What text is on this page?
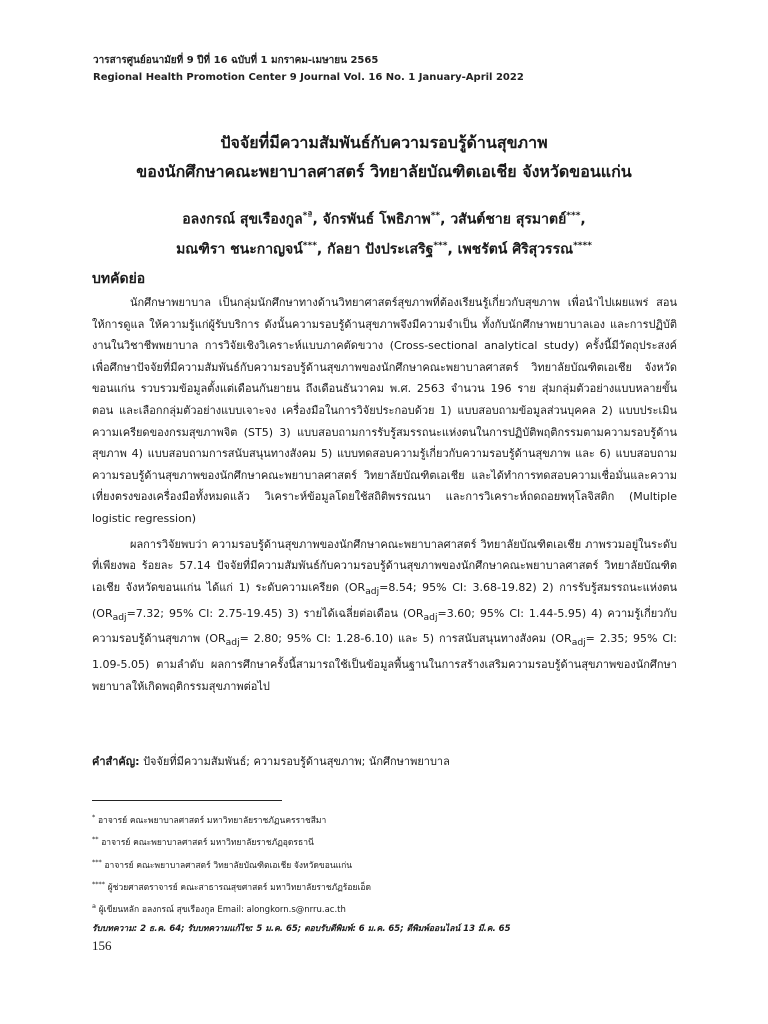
วารสารศูนย์อนามัยที่ 9 ปีที่ 16 ฉบับที่ 1 มกราคม-เมษายน 2565
Regional Health Promotion Center 9 Journal Vol. 16 No. 1 January-April 2022
ปัจจัยที่มีความสัมพันธ์กับความรอบรู้ด้านสุขภาพ
ของนักศึกษาคณะพยาบาลศาสตร์ วิทยาลัยบัณฑิตเอเชีย จังหวัดขอนแก่น
อลงกรณ์ สุขเรืองกูล$^{*ª}$, จักรพันธ์ โพธิภาพ**, วสันต์ชาย สุรมาตย์***,
มณฑิรา ชนะกาญจน์***, กัลยา ปังประเสริฐ***, เพชรัตน์ ศิริสุวรรณ****
บทคัดย่อ

นักศึกษาพยาบาล เป็นกลุ่มนักศึกษาทางด้านวิทยาศาสตร์สุขภาพที่ต้องเรียนรู้เกี่ยวกับสุขภาพ เพื่อนำไปเผยแพร่ สอน ให้การดูแล ให้ความรู้แก่ผู้รับบริการ ดังนั้นความรอบรู้ด้านสุขภาพจึงมีความจำเป็น ทั้งกับนักศึกษาพยาบาลเอง และการปฏิบัติงานในวิชาชีพพยาบาล การวิจัยเชิงวิเคราะห์แบบภาคตัดขวาง (Cross-sectional analytical study) ครั้งนี้มีวัตถุประสงค์เพื่อศึกษาปัจจัยที่มีความสัมพันธ์กับความรอบรู้ด้านสุขภาพของนักศึกษาคณะพยาบาลศาสตร์ วิทยาลัยบัณฑิตเอเชีย จังหวัดขอนแก่น รวบรวมข้อมูลตั้งแต่เดือนกันยายน ถึงเดือนธันวาคม พ.ศ. 2563 จำนวน 196 ราย สุ่มกลุ่มตัวอย่างแบบหลายขั้นตอน และเลือกกลุ่มตัวอย่างแบบเจาะจง เครื่องมือในการวิจัยประกอบด้วย 1) แบบสอบถามข้อมูลส่วนบุคคล 2) แบบประเมินความเครียดของกรมสุขภาพจิต (ST5) 3) แบบสอบถามการรับรู้สมรรถนะแห่งตนในการปฏิบัติพฤติกรรมตามความรอบรู้ด้านสุขภาพ 4) แบบสอบถามการสนับสนุนทางสังคม 5) แบบทดสอบความรู้เกี่ยวกับความรอบรู้ด้านสุขภาพ และ 6) แบบสอบถามความรอบรู้ด้านสุขภาพของนักศึกษาคณะพยาบาลศาสตร์ วิทยาลัยบัณฑิตเอเชีย และได้ทำการทดสอบความเชื่อมั่นและความเที่ยงตรงของเครื่องมือทั้งหมดแล้ว วิเคราะห์ข้อมูลโดยใช้สถิติพรรณนา และการวิเคราะห์ถดถอยพหุโลจิสติก (Multiple logistic regression)

ผลการวิจัยพบว่า ความรอบรู้ด้านสุขภาพของนักศึกษาคณะพยาบาลศาสตร์ วิทยาลัยบัณฑิตเอเชีย ภาพรวมอยู่ในระดับที่เพียงพอ ร้อยละ 57.14 ปัจจัยที่มีความสัมพันธ์กับความรอบรู้ด้านสุขภาพของนักศึกษาคณะพยาบาลศาสตร์ วิทยาลัยบัณฑิตเอเชีย จังหวัดขอนแก่น ได้แก่ 1) ระดับความเครียด ($OR_{adj}=8.54$; 95% CI: 3.68-19.82) 2) การรับรู้สมรรถนะแห่งตน ($OR_{adj}=7.32$; 95% CI: 2.75-19.45) 3) รายได้เฉลี่ยต่อเดือน ($OR_{adj}=3.60$; 95% CI: 1.44-5.95) 4) ความรู้เกี่ยวกับความรอบรู้ด้านสุขภาพ ($OR_{adj}= 2.80$; 95% CI: 1.28-6.10) และ 5) การสนับสนุนทางสังคม ($OR_{adj}= 2.35$; 95% CI: 1.09-5.05) ตามลำดับ ผลการศึกษาครั้งนี้สามารถใช้เป็นข้อมูลพื้นฐานในการสร้างเสริมความรอบรู้ด้านสุขภาพของนักศึกษาพยาบาลให้เกิดพฤติกรรมสุขภาพต่อไป

คำสำคัญ: ปัจจัยที่มีความสัมพันธ์; ความรอบรู้ด้านสุขภาพ; นักศึกษาพยาบาล
* อาจารย์ คณะพยาบาลศาสตร์ มหาวิทยาลัยราชภัฏนครราชสีมา
** อาจารย์ คณะพยาบาลศาสตร์ มหาวิทยาลัยราชภัฏอุดรธานี
*** อาจารย์ คณะพยาบาลศาสตร์ วิทยาลัยบัณฑิตเอเชีย จังหวัดขอนแก่น
**** ผู้ช่วยศาสตราจารย์ คณะสาธารณสุขศาสตร์ มหาวิทยาลัยราชภัฏร้อยเอ็ด
$^a$ ผู้เขียนหลัก อลงกรณ์ สุขเรืองกูล Email: alongkorn.s@nrru.ac.th
รับบทความ: 2 ธ.ค. 64; รับบทความแก้ไข: 5 ม.ค. 65; ตอบรับตีพิมพ์: 6 ม.ค. 65; ตีพิมพ์ออนไลน์ 13 มี.ค. 65
156
